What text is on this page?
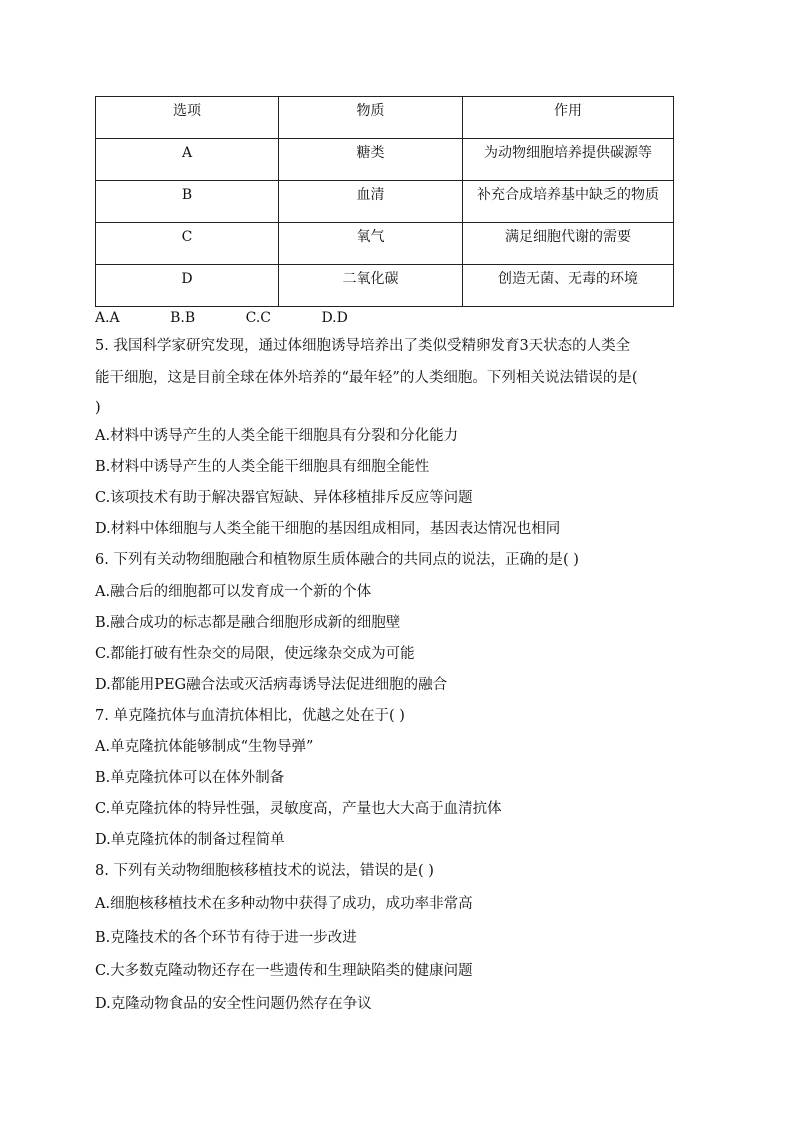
选项	物质	作用

A	糖类	为动物细胞培养提供碳源等

B	血清	补充合成培养基中缺乏的物质

C	氧气	满足细胞代谢的需要

D	二氧化碳	创造无菌、无毒的环境
A.A	B.B	C.C	D.D
5. 我国科学家研究发现，通过体细胞诱导培养出了类似受精卵发育3天状态的人类全
能干细胞，这是目前全球在体外培养的“最年轻”的人类细胞。下列相关说法错误的是(
)
A.材料中诱导产生的人类全能干细胞具有分裂和分化能力
B.材料中诱导产生的人类全能干细胞具有细胞全能性
C.该项技术有助于解决器官短缺、异体移植排斥反应等问题
D.材料中体细胞与人类全能干细胞的基因组成相同，基因表达情况也相同
6. 下列有关动物细胞融合和植物原生质体融合的共同点的说法，正确的是( )
A.融合后的细胞都可以发育成一个新的个体
B.融合成功的标志都是融合细胞形成新的细胞壁
C.都能打破有性杂交的局限，使远缘杂交成为可能
D.都能用PEG融合法或灭活病毒诱导法促进细胞的融合
7. 单克隆抗体与血清抗体相比，优越之处在于( )
A.单克隆抗体能够制成“生物导弹”
B.单克隆抗体可以在体外制备
C.单克隆抗体的特异性强，灵敏度高，产量也大大高于血清抗体
D.单克隆抗体的制备过程简单
8. 下列有关动物细胞核移植技术的说法，错误的是( )
A.细胞核移植技术在多种动物中获得了成功，成功率非常高
B.克隆技术的各个环节有待于进一步改进
C.大多数克隆动物还存在一些遗传和生理缺陷类的健康问题
D.克隆动物食品的安全性问题仍然存在争议
